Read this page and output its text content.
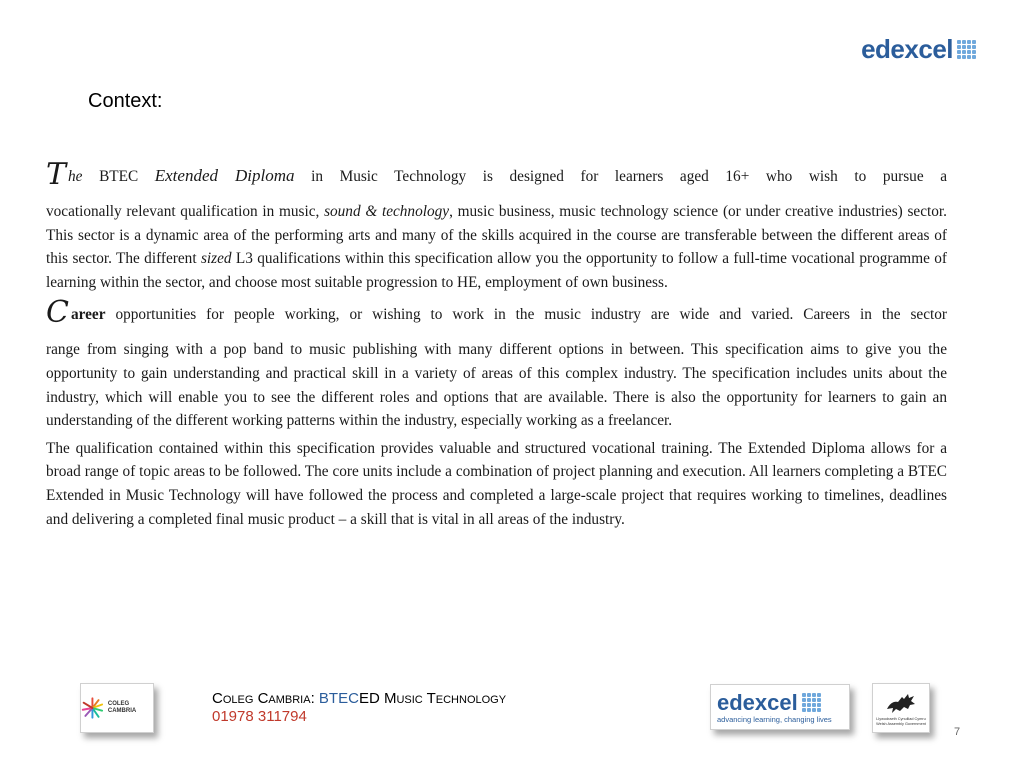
edexcel
Context:

The BTEC Extended Diploma in Music Technology is designed for learners aged 16+ who wish to pursue a
vocationally relevant qualification in music, sound & technology, music business, music technology science (or under creative industries) sector. This sector is a dynamic area of the performing arts and many of the skills acquired in the course are transferable between the different areas of this sector. The different sized L3 qualifications within this specification allow you the opportunity to follow a full-time vocational programme of learning within the sector, and choose most suitable progression to HE, employment of own business.

Career opportunities for people working, or wishing to work in the music industry are wide and varied. Careers in the sector
range from singing with a pop band to music publishing with many different options in between. This specification aims to give you the opportunity to gain understanding and practical skill in a variety of areas of this complex industry. The specification includes units about the industry, which will enable you to see the different roles and options that are available. There is also the opportunity for learners to gain an understanding of the different working patterns within the industry, especially working as a freelancer.

The qualification contained within this specification provides valuable and structured vocational training. The Extended Diploma allows for a broad range of topic areas to be followed. The core units include a combination of project planning and execution. All learners completing a BTEC Extended in Music Technology will have followed the process and completed a large-scale project that requires working to timelines, deadlines and delivering a completed final music product – a skill that is vital in all areas of the industry.

COLEG CAMBRIA
Coleg Cambria: BTECED Music Technology
01978 311794
edexcel
advancing learning, changing lives	Llywodraeth Cynulliad Cymru Welsh Assembly Government
7
